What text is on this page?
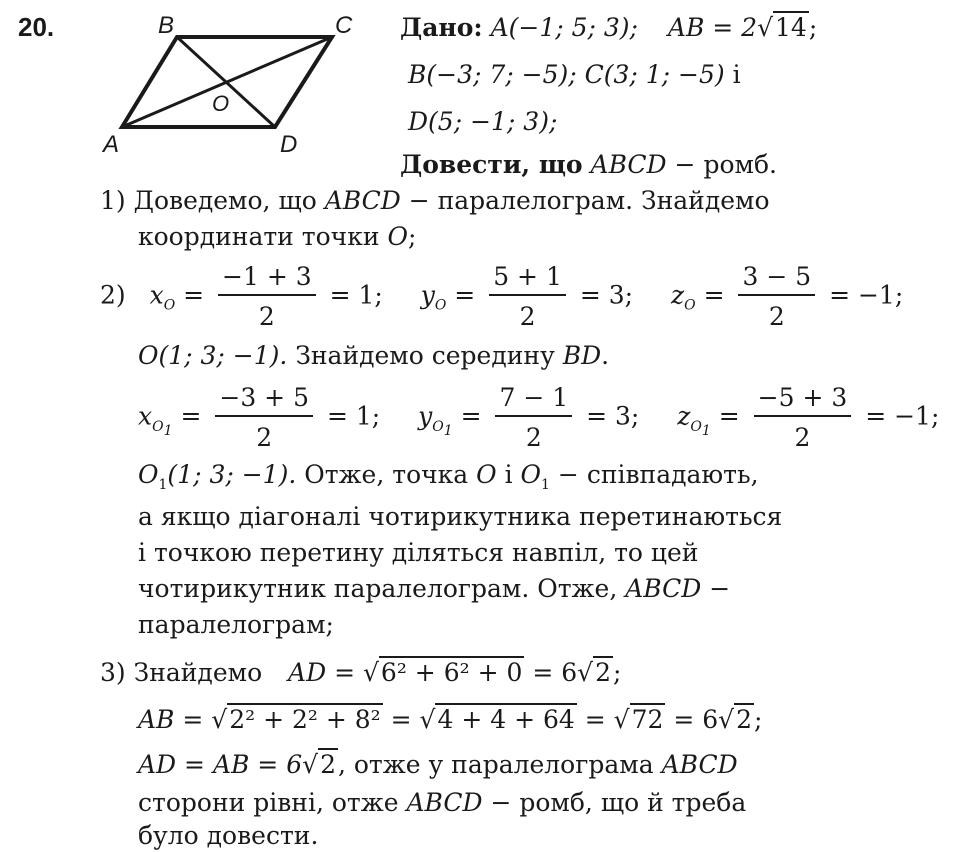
20.	B	C
A	D
O
Дано: A(−1; 5; 3); AB = 2√14;
B(−3; 7; −5); C(3; 1; −5) і
D(5; −1; 3);
Довести, що ABCD − ромб.
1) Доведемо, що ABCD − паралелограм. Знайдемо
координати точки O;
2) $x_O = \frac{-1 + 3}{2} = 1$; $y_O = \frac{5 + 1}{2} = 3$; $z_O = \frac{3 - 5}{2} = -1$;
O(1; 3; −1). Знайдемо середину BD.
$x_{O_1} = \frac{-3 + 5}{2} = 1$; $y_{O_1} = \frac{7 - 1}{2} = 3$; $z_{O_1} = \frac{-5 + 3}{2} = -1$;
$O_1(1$; 3; −1). Отже, точка O і $O_1$ − співпадають,
а якщо діагоналі чотирикутника перетинаються
і точкою перетину діляться навпіл, то цей
чотирикутник паралелограм. Отже, ABCD −
паралелограм;
3) Знайдемо AD = √6² + 6² + 0 = 6√2;
AB = √2² + 2² + 8² = √4 + 4 + 64 = √72 = 6√2;
AD = AB = 6√2, отже у паралелограма ABCD
сторони рівні, отже ABCD − ромб, що й треба
було довести.
